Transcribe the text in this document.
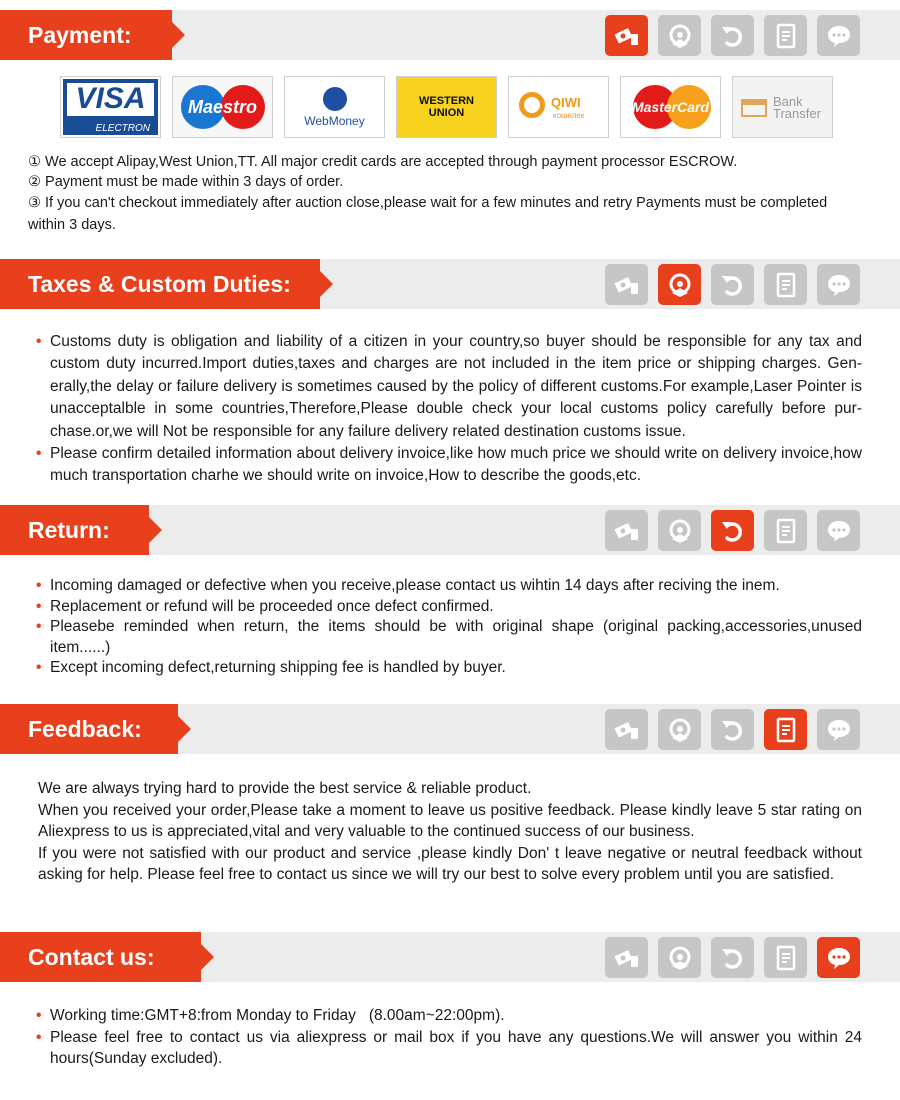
Payment:
VISA
ELECTRON
Maestro
WebMoney
WESTERN
UNION
QIWI
кошелек
MasterCard	Bank
Transfer

① We accept Alipay,West Union,TT. All major credit cards are accepted through payment processor ESCROW.

② Payment must be made within 3 days of order.

③ If you can't checkout immediately after auction close,please wait for a few minutes and retry Payments must be completed within 3 days.

Taxes & Custom Duties:

• Customs duty is obligation and liability of a citizen in your country,so buyer should be responsible for any tax and custom duty incurred.Import duties,taxes and charges are not included in the item price or shipping charges. Gen-erally,the delay or failure delivery is sometimes caused by the policy of different customs.For example,Laser Pointer is unacceptalble in some countries,Therefore,Please double check your local customs policy carefully before pur-chase.or,we will Not be responsible for any failure delivery related destination customs issue.

• Please confirm detailed information about delivery invoice,like how much price we should write on delivery invoice,how much transportation charhe we should write on invoice,How to describe the goods,etc.

Return:

• Incoming damaged or defective when you receive,please contact us wihtin 14 days after reciving the inem.

• Replacement or refund will be proceeded once defect confirmed.

• Pleasebe reminded when return, the items should be with original shape (original packing,accessories,unused item......)

• Except incoming defect,returning shipping fee is handled by buyer.

Feedback:

We are always trying hard to provide the best service & reliable product.

When you received your order,Please take a moment to leave us positive feedback. Please kindly leave 5 star rating on Aliexpress to us is appreciated,vital and very valuable to the continued success of our business.

If you were not satisfied with our product and service ,please kindly Don' t leave negative or neutral feedback without asking for help. Please feel free to contact us since we will try our best to solve every problem until you are satisfied.

Contact us:

• Working time:GMT+8:from Monday to Friday   (8.00am~22:00pm).

• Please feel free to contact us via aliexpress or mail box if you have any questions.We will answer you within 24 hours(Sunday excluded).
